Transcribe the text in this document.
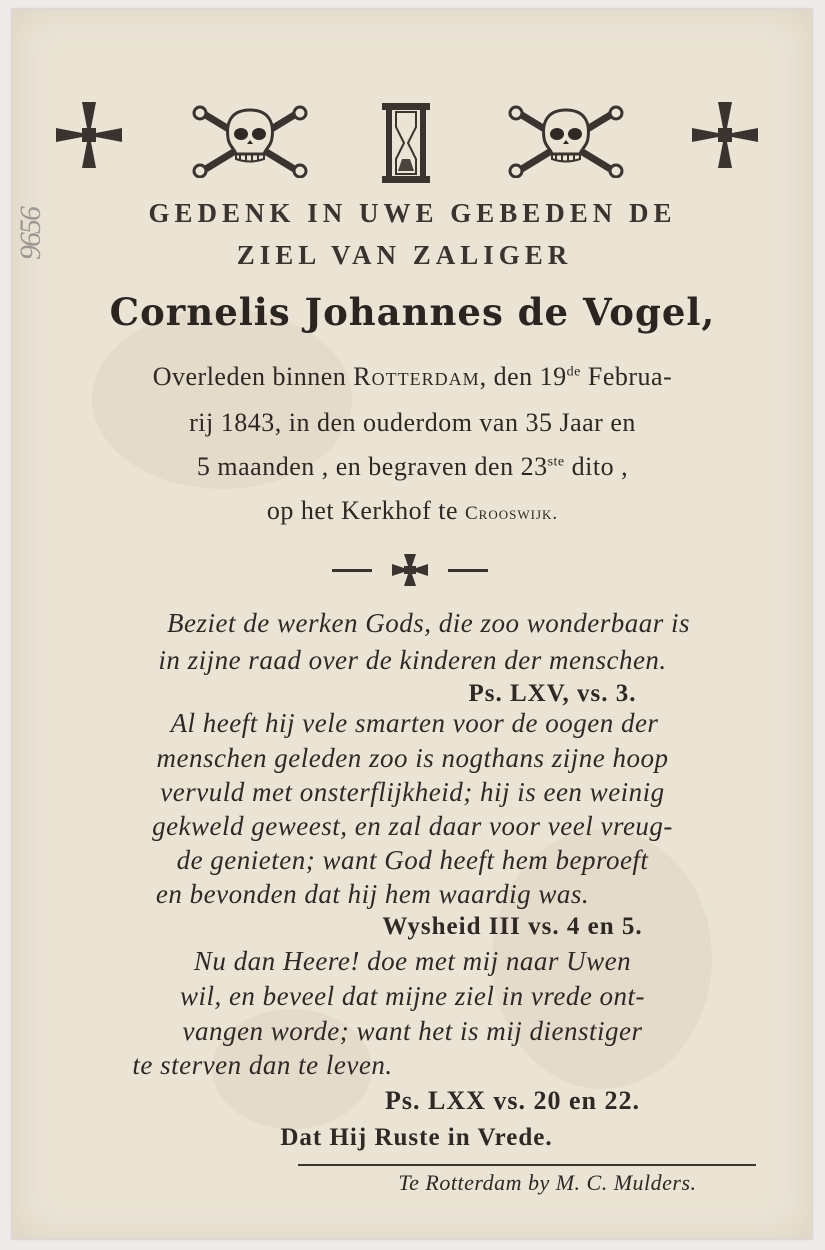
9656	GEDENK IN UWE GEBEDEN DE
ZIEL VAN ZALIGER
Cornelis Johannes de Vogel,
Overleden binnen Rotterdam, den 19de Februa-
rij 1843, in den ouderdom van 35 Jaar en
5 maanden , en begraven den 23ste dito ,
op het Kerkhof te Crooswijk.
Beziet de werken Gods, die zoo wonderbaar is
in zijne raad over de kinderen der menschen.
Ps. LXV, vs. 3.
Al heeft hij vele smarten voor de oogen der
menschen geleden zoo is nogthans zijne hoop
vervuld met onsterflijkheid; hij is een weinig
gekweld geweest, en zal daar voor veel vreug-
de genieten; want God heeft hem beproeft
en bevonden dat hij hem waardig was.
Wysheid III vs. 4 en 5.
Nu dan Heere! doe met mij naar Uwen
wil, en beveel dat mijne ziel in vrede ont-
vangen worde; want het is mij dienstiger
te sterven dan te leven.
Ps. LXX vs. 20 en 22.
Dat Hij Ruste in Vrede.
Te Rotterdam by M. C. Mulders.
